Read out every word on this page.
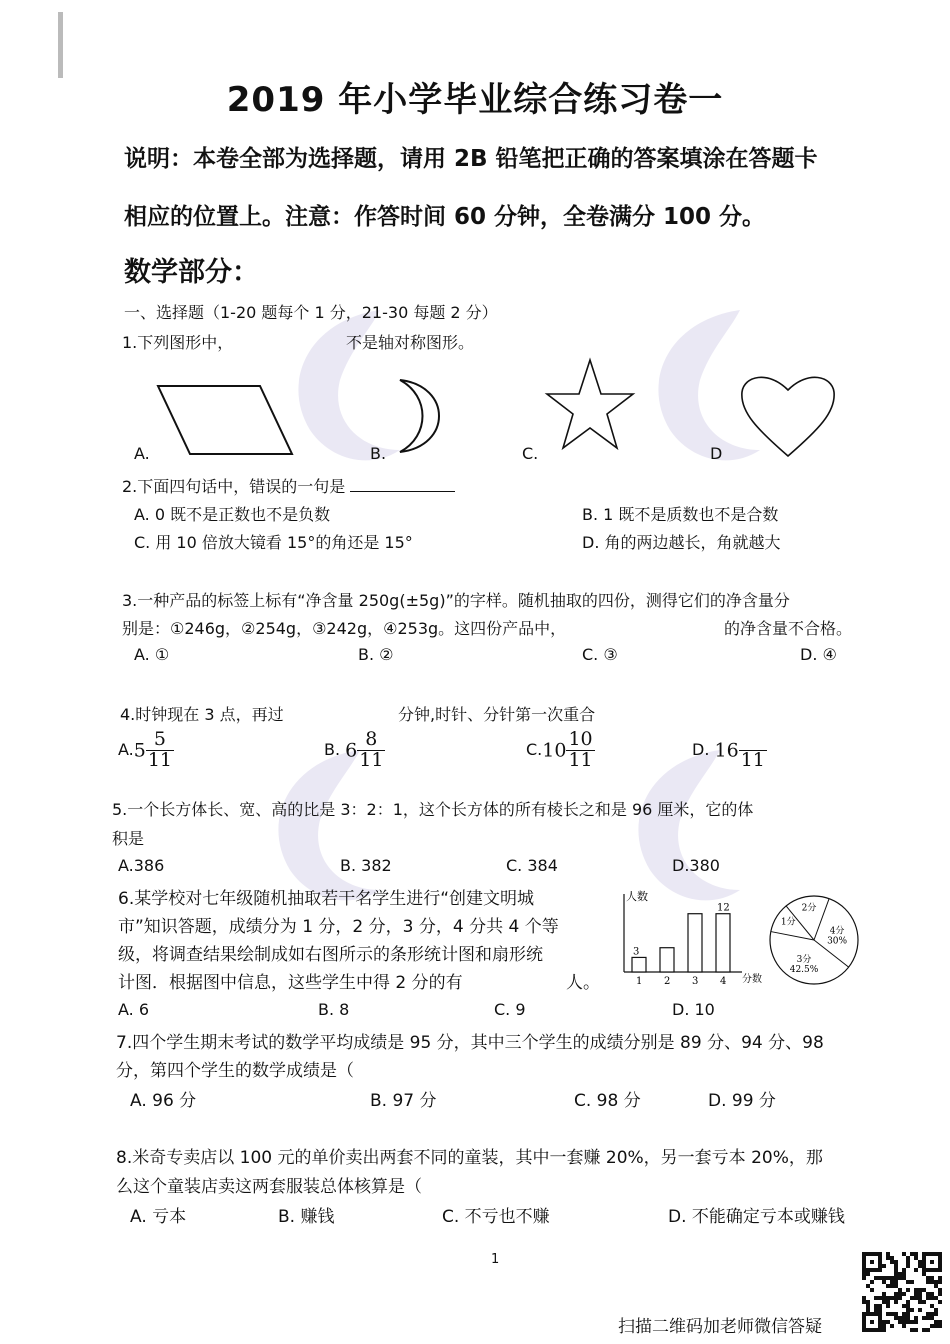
2019 年小学毕业综合练习卷一
说明：本卷全部为选择题，请用 2B 铅笔把正确的答案填涂在答题卡
相应的位置上。注意：作答时间 60 分钟，全卷满分 100 分。
数学部分：
一、选择题（1-20 题每个 1 分，21-30 每题 2 分）
1.下列图形中，	不是轴对称图形。
A.	B.	C.	D
2.下面四句话中，错误的一句是
A. 0 既不是正数也不是负数	B. 1 既不是质数也不是合数
C. 用 10 倍放大镜看 15°的角还是 15°	D. 角的两边越长，角就越大
3.一种产品的标签上标有“净含量 250g(±5g)”的字样。随机抽取的四份，测得它们的净含量分
别是：①246g，②254g，③242g，④253g。这四份产品中，	的净含量不合格。
A. ①	B. ②	C. ③	D. ④
4.时钟现在 3 点，再过	分钟,时针、分针第一次重合
$A.5 \frac{5}{11}$	B. $6 \frac{8}{11}$	$C.10 \frac{10}{11}$	D. 16 11
5.一个长方体长、宽、高的比是 3：2：1，这个长方体的所有棱长之和是 96 厘米，它的体
积是
A.386	B. 382	C. 384	D.380
6.某学校对七年级随机抽取若干名学生进行“创建文明城
市”知识答题，成绩分为 1 分，2 分，3 分，4 分共 4 个等
级，将调查结果绘制成如右图所示的条形统计图和扇形统
计图．根据图中信息，这些学生中得 2 分的有	人。
人数
分数
1
3
2 3 4
12
4分
30%
3分
42.5%
1分
2分
A. 6	B. 8	C. 9	D. 10
7.四个学生期末考试的数学平均成绩是 95 分，其中三个学生的成绩分别是 89 分、94 分、98
分，第四个学生的数学成绩是（
A. 96 分	B. 97 分	C. 98 分	D. 99 分
8.米奇专卖店以 100 元的单价卖出两套不同的童装，其中一套赚 20%，另一套亏本 20%，那
么这个童装店卖这两套服装总体核算是（
A. 亏本	B. 赚钱	C. 不亏也不赚	D. 不能确定亏本或赚钱
1
扫描二维码加老师微信答疑
